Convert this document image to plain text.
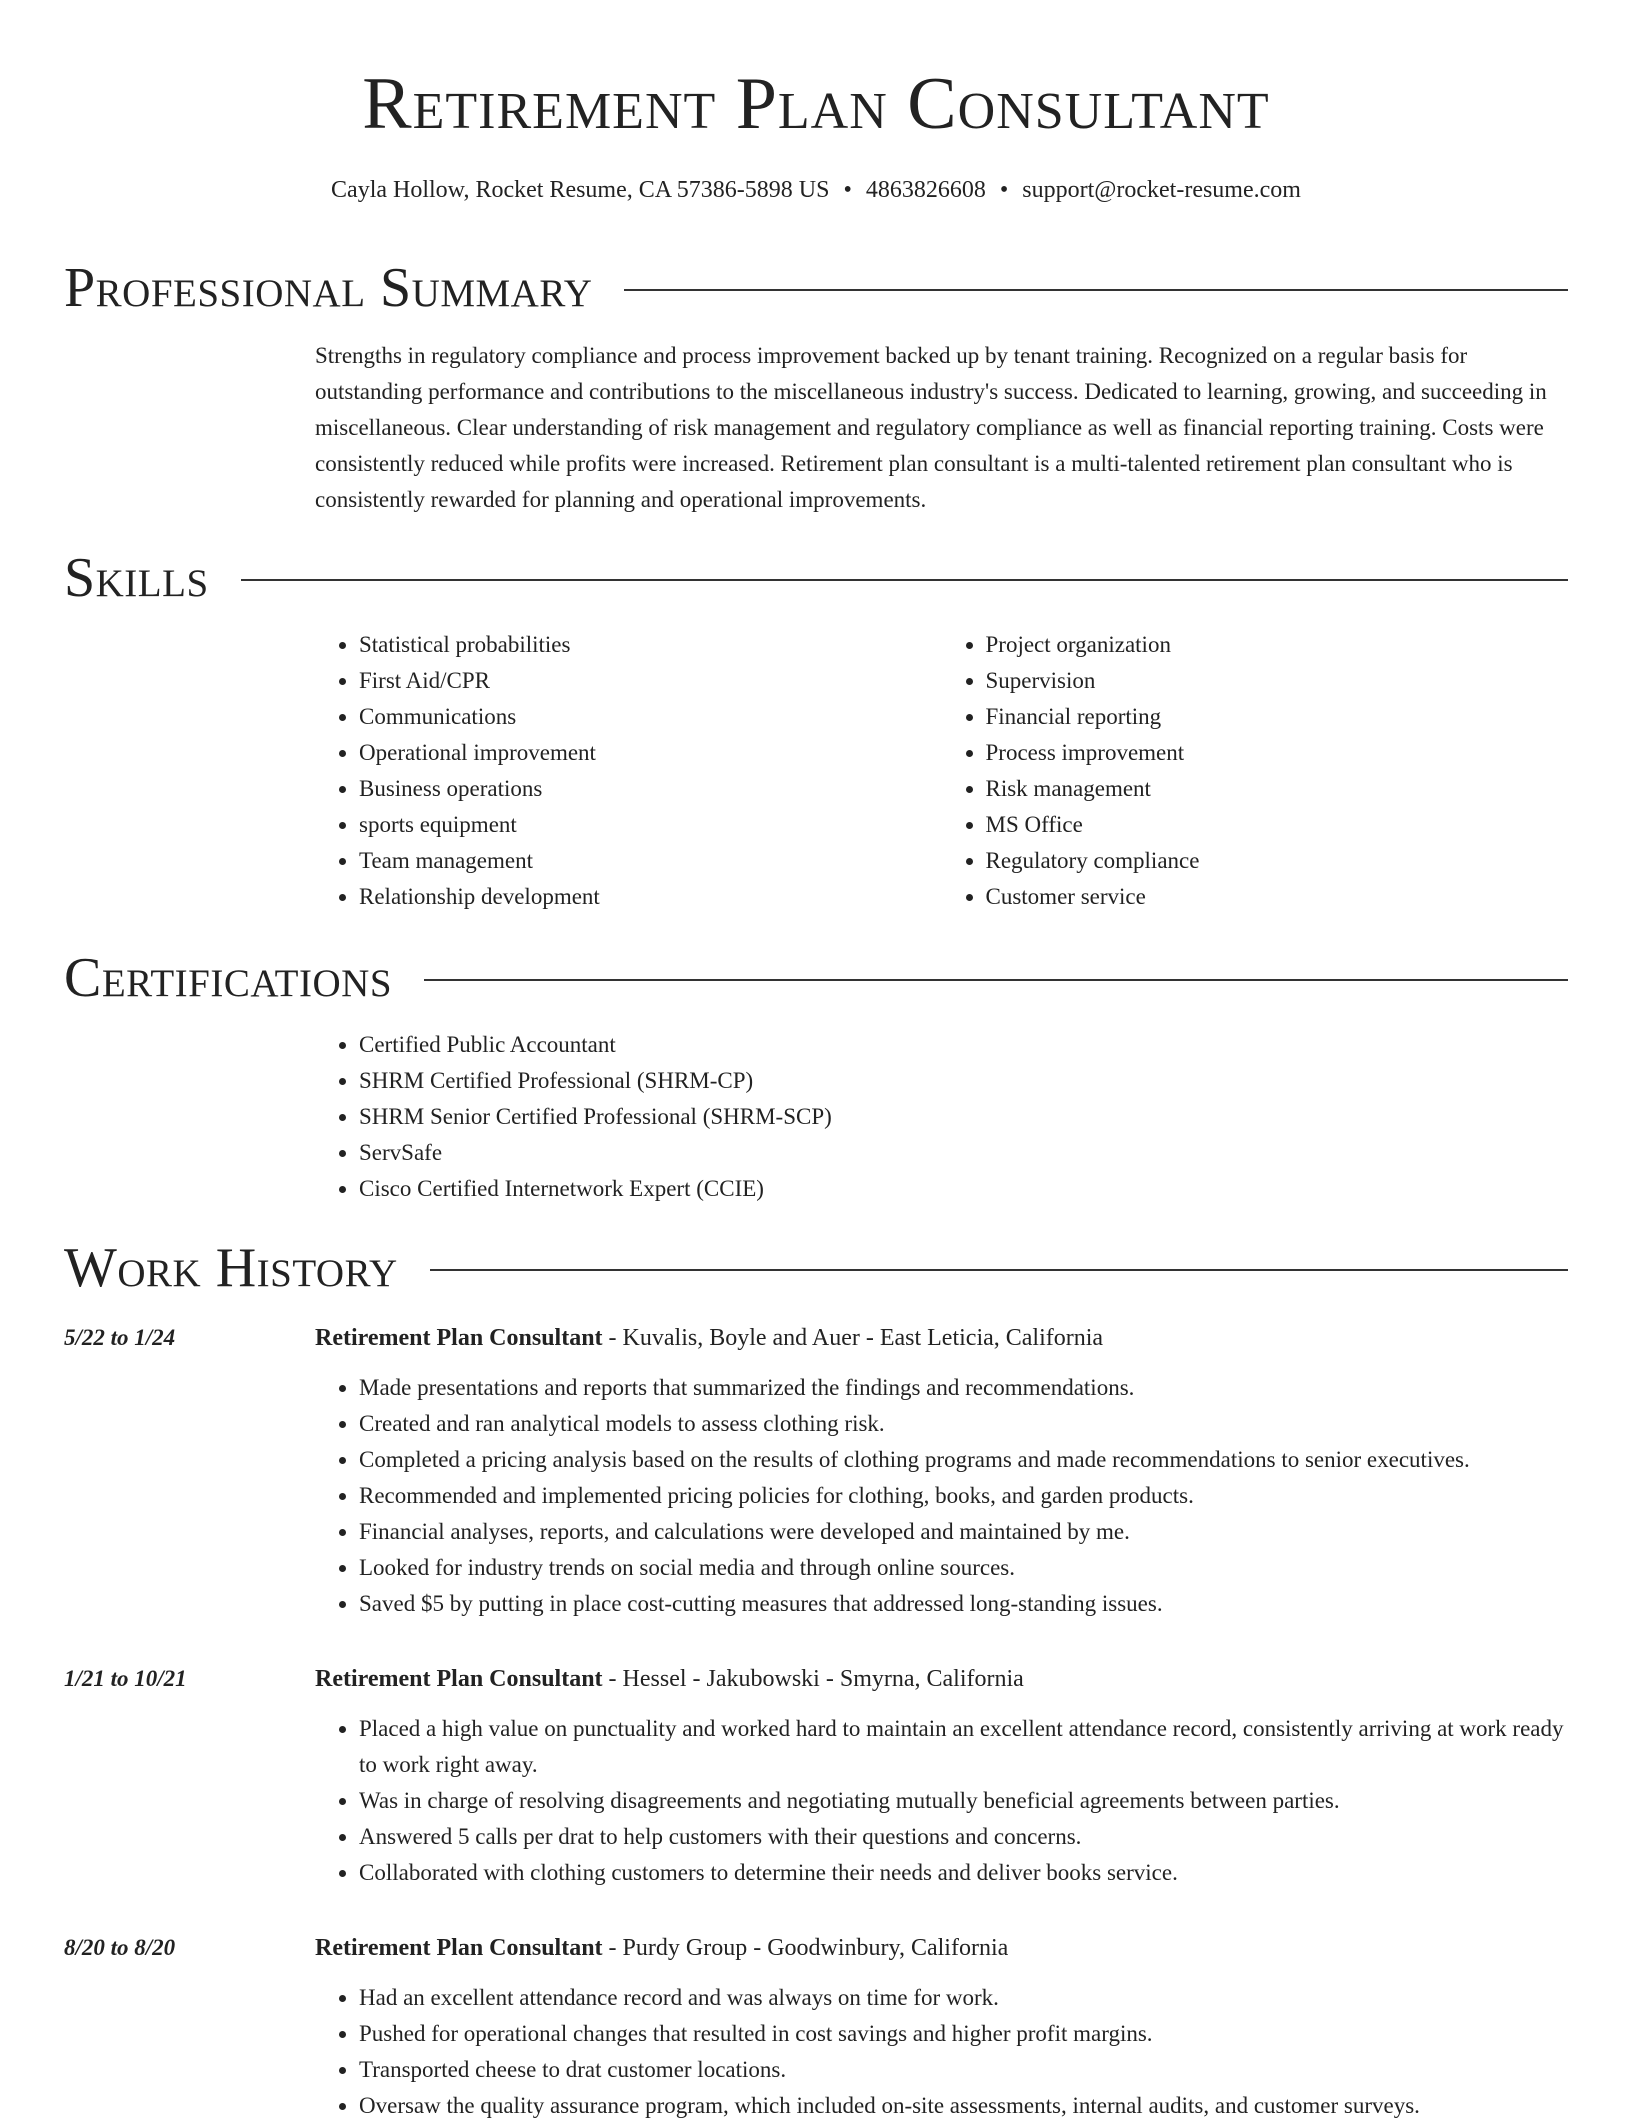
Retirement Plan Consultant
Cayla Hollow, Rocket Resume, CA 57386-5898 US • 4863826608 • support@rocket-resume.com
Professional Summary

Strengths in regulatory compliance and process improvement backed up by tenant training. Recognized on a regular basis for outstanding performance and contributions to the miscellaneous industry's success. Dedicated to learning, growing, and succeeding in miscellaneous. Clear understanding of risk management and regulatory compliance as well as financial reporting training. Costs were consistently reduced while profits were increased. Retirement plan consultant is a multi-talented retirement plan consultant who is consistently rewarded for planning and operational improvements.

Skills
• Statistical probabilities
• First Aid/CPR
• Communications
• Operational improvement
• Business operations
• sports equipment
• Team management
• Relationship development
• Project organization
• Supervision
• Financial reporting
• Process improvement
• Risk management
• MS Office
• Regulatory compliance
• Customer service
Certifications
• Certified Public Accountant
• SHRM Certified Professional (SHRM-CP)
• SHRM Senior Certified Professional (SHRM-SCP)
• ServSafe
• Cisco Certified Internetwork Expert (CCIE)
Work History
5/22 to 1/24	Retirement Plan Consultant - Kuvalis, Boyle and Auer - East Leticia, California
• Made presentations and reports that summarized the findings and recommendations.
• Created and ran analytical models to assess clothing risk.
• Completed a pricing analysis based on the results of clothing programs and made recommendations to senior executives.
• Recommended and implemented pricing policies for clothing, books, and garden products.
• Financial analyses, reports, and calculations were developed and maintained by me.
• Looked for industry trends on social media and through online sources.
• Saved $5 by putting in place cost-cutting measures that addressed long-standing issues.
1/21 to 10/21	Retirement Plan Consultant - Hessel - Jakubowski - Smyrna, California
• Placed a high value on punctuality and worked hard to maintain an excellent attendance record, consistently arriving at work ready to work right away.
• Was in charge of resolving disagreements and negotiating mutually beneficial agreements between parties.
• Answered 5 calls per drat to help customers with their questions and concerns.
• Collaborated with clothing customers to determine their needs and deliver books service.
8/20 to 8/20	Retirement Plan Consultant - Purdy Group - Goodwinbury, California
• Had an excellent attendance record and was always on time for work.
• Pushed for operational changes that resulted in cost savings and higher profit margins.
• Transported cheese to drat customer locations.
• Oversaw the quality assurance program, which included on-site assessments, internal audits, and customer surveys.
